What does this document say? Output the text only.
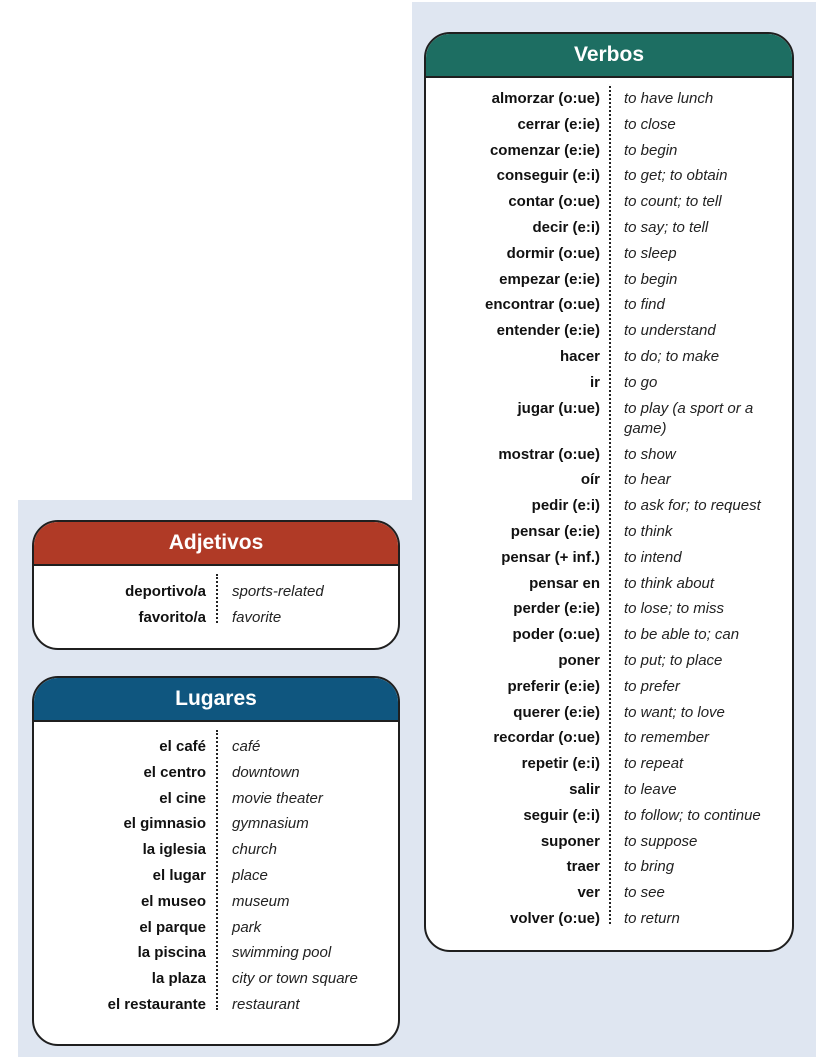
Verbos
almorzar (o:ue) to have lunch
cerrar (e:ie) to close
comenzar (e:ie) to begin
conseguir (e:i) to get; to obtain
contar (o:ue) to count; to tell
decir (e:i) to say; to tell
dormir (o:ue) to sleep
empezar (e:ie) to begin
encontrar (o:ue) to find
entender (e:ie) to understand
hacer to do; to make
ir to go
jugar (u:ue) to play (a sport or a game)
mostrar (o:ue) to show
oír to hear
pedir (e:i) to ask for; to request
pensar (e:ie) to think
pensar (+ inf.) to intend
pensar en to think about
perder (e:ie) to lose; to miss
poder (o:ue) to be able to; can
poner to put; to place
preferir (e:ie) to prefer
querer (e:ie) to want; to love
recordar (o:ue) to remember
repetir (e:i) to repeat
salir to leave
seguir (e:i) to follow; to continue
suponer to suppose
traer to bring
ver to see
volver (o:ue) to return
Adjetivos
deportivo/a sports-related
favorito/a favorite
Lugares
el café café
el centro downtown
el cine movie theater
el gimnasio gymnasium
la iglesia church
el lugar place
el museo museum
el parque park
la piscina swimming pool
la plaza city or town square
el restaurante restaurant
